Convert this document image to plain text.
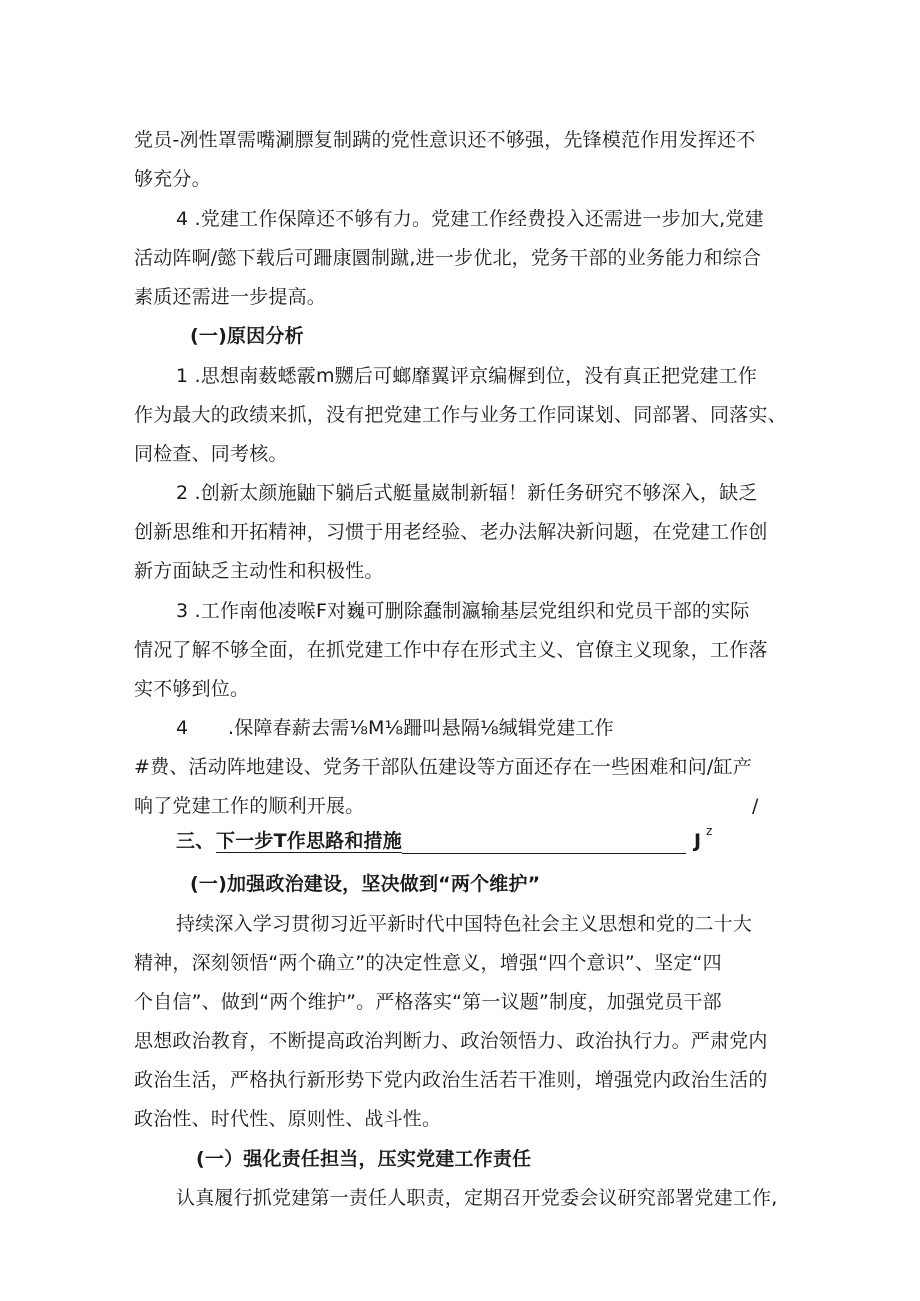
党员-冽性罩需嘴涮膘复制蹒的党性意识还不够强，先锋模范作用发挥还不
够充分。
4 .党建工作保障还不够有力。党建工作经费投入还需进一步加大,党建
活动阵啊/懿下载后可跚康圜制蹴,进一步优北，党务干部的业务能力和综合
素质还需进一步提高。
(一)原因分析
1 .思想南薮蟋霰m嬲后可螂靡翼评京编樨到位，没有真正把党建工作
作为最大的政绩来抓，没有把党建工作与业务工作同谋划、同部署、同落实、
同检查、同考核。
2 .创新太颜施鼬下躺后式艇量崴制新辐！新任务研究不够深入，缺乏
创新思维和开拓精神，习惯于用老经验、老办法解决新问题，在党建工作创
新方面缺乏主动性和积极性。
3 .工作南他凌喉F对巍可删除蠢制瀛输基层党组织和党员干部的实际
情况了解不够全面，在抓党建工作中存在形式主义、官僚主义现象，工作落
实不够到位。
4 .保障春薪去需⅛M⅛跚叫悬隔⅛缄辑党建工作
#费、活动阵地建设、党务干部队伍建设等方面还存在一些困难和问/缸产
响了党建工作的顺利开展。	/
三、 下一步T作思路和措施	J z
(一)加强政治建设，坚决做到“两个维护”
持续深入学习贯彻习近平新时代中国特色社会主义思想和党的二十大
精神，深刻领悟“两个确立”的决定性意义，增强“四个意识”、坚定“四
个自信”、做到“两个维护”。严格落实“第一议题”制度，加强党员干部
思想政治教育，不断提高政治判断力、政治领悟力、政治执行力。严肃党内
政治生活，严格执行新形势下党内政治生活若干准则，增强党内政治生活的
政治性、时代性、原则性、战斗性。
(一）强化责任担当，压实党建工作责任
认真履行抓党建第一责任人职责，定期召开党委会议研究部署党建工作,
